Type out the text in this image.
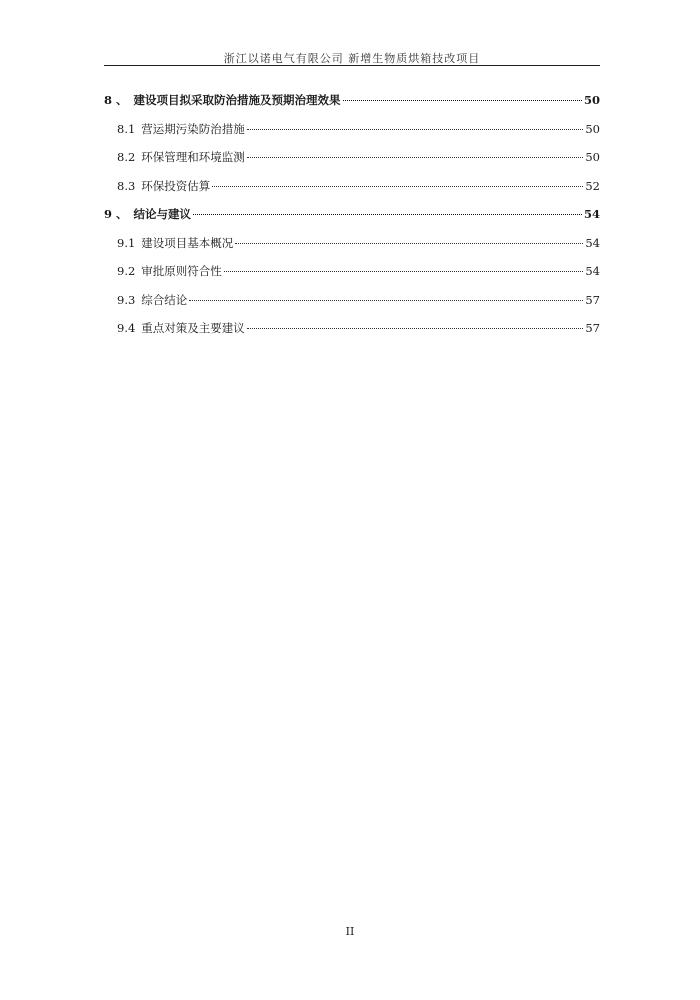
浙江以诺电气有限公司 新增生物质烘箱技改项目
8 、 建设项目拟采取防治措施及预期治理效果	50
8.1 营运期污染防治措施	50
8.2 环保管理和环境监测	50
8.3 环保投资估算	52
9 、 结论与建议	54
9.1 建设项目基本概况	54
9.2 审批原则符合性	54
9.3 综合结论	57
9.4 重点对策及主要建议	57
II
